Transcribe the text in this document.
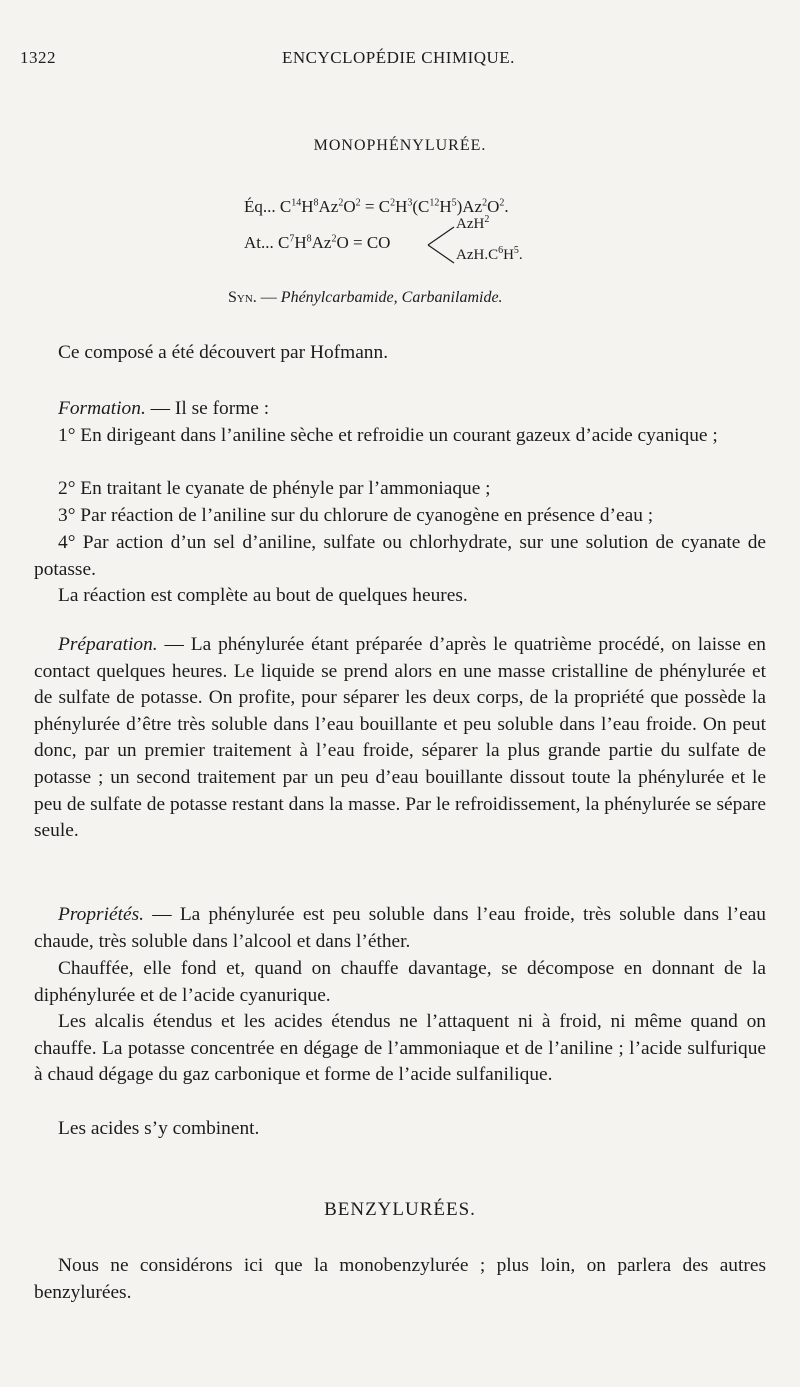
1322	ENCYCLOPÉDIE CHIMIQUE.
MONOPHÉNYLURÉE.
Éq... $C^{14}H^8Az^2O^2 = C^2H^3(C^{12}H^5)Az^2O^2$.
At... $C^7H^8Az^2O$ = CO
AzH$^2$
$AzH.C^6H^5$.
Syn. — Phénylcarbamide, Carbanilamide.

Ce composé a été découvert par Hofmann.

Formation. — Il se forme :

1° En dirigeant dans l’aniline sèche et refroidie un courant gazeux d’acide cyanique ;

2° En traitant le cyanate de phényle par l’ammoniaque ;

3° Par réaction de l’aniline sur du chlorure de cyanogène en présence d’eau ;

4° Par action d’un sel d’aniline, sulfate ou chlorhydrate, sur une solution de cyanate de potasse.

La réaction est complète au bout de quelques heures.

Préparation. — La phénylurée étant préparée d’après le quatrième procédé, on laisse en contact quelques heures. Le liquide se prend alors en une masse cristalline de phénylurée et de sulfate de potasse. On profite, pour séparer les deux corps, de la propriété que possède la phénylurée d’être très soluble dans l’eau bouillante et peu soluble dans l’eau froide. On peut donc, par un premier traitement à l’eau froide, séparer la plus grande partie du sulfate de potasse ; un second traitement par un peu d’eau bouillante dissout toute la phénylurée et le peu de sulfate de potasse restant dans la masse. Par le refroidissement, la phénylurée se sépare seule.

Propriétés. — La phénylurée est peu soluble dans l’eau froide, très soluble dans l’eau chaude, très soluble dans l’alcool et dans l’éther.

Chauffée, elle fond et, quand on chauffe davantage, se décompose en donnant de la diphénylurée et de l’acide cyanurique.

Les alcalis étendus et les acides étendus ne l’attaquent ni à froid, ni même quand on chauffe. La potasse concentrée en dégage de l’ammoniaque et de l’aniline ; l’acide sulfurique à chaud dégage du gaz carbonique et forme de l’acide sulfanilique.

Les acides s’y combinent.

BENZYLURÉES.

Nous ne considérons ici que la monobenzylurée ; plus loin, on parlera des autres benzylurées.
